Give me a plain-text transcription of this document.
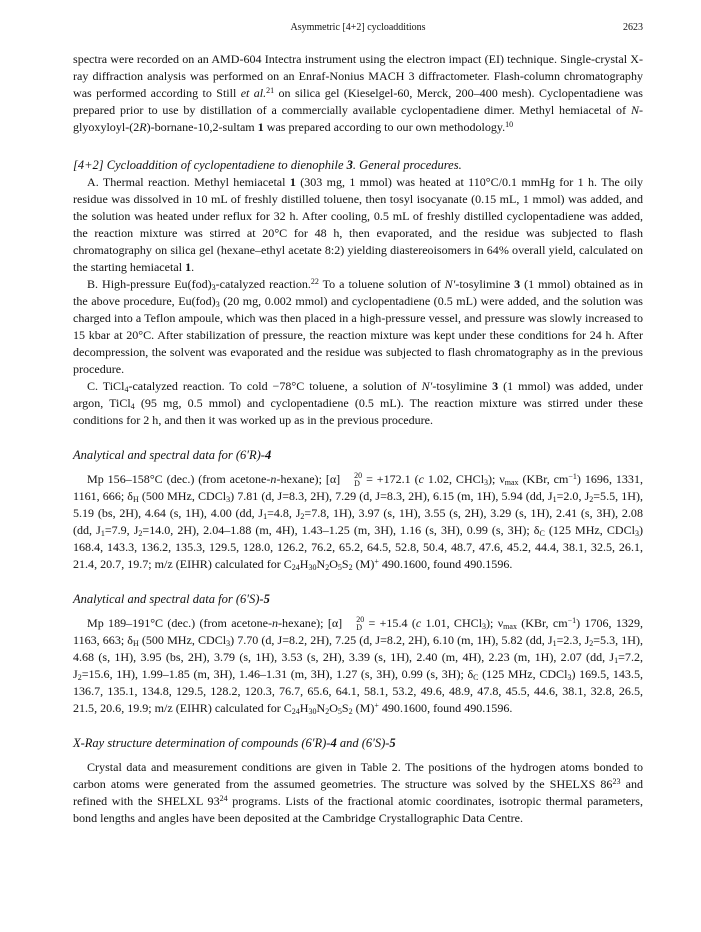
Asymmetric [4+2] cycloadditions	2623

spectra were recorded on an AMD-604 Intectra instrument using the electron impact (EI) technique. Single-crystal X-ray diffraction analysis was performed on an Enraf-Nonius MACH 3 diffractometer. Flash-column chromatography was performed according to Still et al.$^{21}$ on silica gel (Kieselgel-60, Merck, 200–400 mesh). Cyclopentadiene was prepared prior to use by distillation of a commercially available cyclopentadiene dimer. Methyl hemiacetal of N-glyoxyloyl-(2R)-bornane-10,2-sultam 1 was prepared according to our own methodology.$^{10}$

[4+2] Cycloaddition of cyclopentadiene to dienophile 3. General procedures.

A. Thermal reaction. Methyl hemiacetal 1 (303 mg, 1 mmol) was heated at 110°C/0.1 mmHg for 1 h. The oily residue was dissolved in 10 mL of freshly distilled toluene, then tosyl isocyanate (0.15 mL, 1 mmol) was added, and the solution was heated under reflux for 32 h. After cooling, 0.5 mL of freshly distilled cyclopentadiene was added, the reaction mixture was stirred at 20°C for 48 h, then evaporated, and the residue was subjected to flash chromatography on silica gel (hexane–ethyl acetate 8:2) yielding diastereoisomers in 64% overall yield, calculated on the starting hemiacetal 1.

B. High-pressure $Eu(fod)_3$-catalyzed reaction.$^{22}$ To a toluene solution of N′-tosylimine 3 (1 mmol) obtained as in the above procedure, $Eu(fod)_3$ (20 mg, 0.002 mmol) and cyclopentadiene (0.5 mL) were added, and the solution was charged into a Teflon ampoule, which was then placed in a high-pressure vessel, and pressure was slowly increased to 15 kbar at 20°C. After stabilization of pressure, the reaction mixture was kept under these conditions for 24 h. After decompression, the solvent was evaporated and the residue was subjected to flash chromatography as in the previous procedure.

C. TiCl$_4$-catalyzed reaction. To cold −78°C toluene, a solution of N′-tosylimine 3 (1 mmol) was added, under argon, TiCl$_4$ (95 mg, 0.5 mmol) and cyclopentadiene (0.5 mL). The reaction mixture was stirred under these conditions for 2 h, and then it was worked up as in the previous procedure.

Analytical and spectral data for (6′R)-4

Mp 156–158°C (dec.) (from acetone-n-hexane); [α]	20
D = +172.1 (c 1.02, CHCl$_3$); $\nu_{max}$ (KBr, $cm^{-1}$) 1696, 1331, 1161, 666; $\delta_H$ (500 MHz, CDCl$_3$) 7.81 (d, J=8.3, 2H), 7.29 (d, J=8.3, 2H), 6.15 (m, 1H), 5.94 (dd, $J_1=2.0$, $J_2=5.5$, 1H), 5.19 (bs, 2H), 4.64 (s, 1H), 4.00 (dd, $J_1=4.8$, $J_2=7.8$, 1H), 3.97 (s, 1H), 3.55 (s, 2H), 3.29 (s, 1H), 2.41 (s, 3H), 2.08 (dd, $J_1=7.9$, $J_2=14.0$, 2H), 2.04–1.88 (m, 4H), 1.43–1.25 (m, 3H), 1.16 (s, 3H), 0.99 (s, 3H); $\delta_C$ (125 MHz, CDCl$_3$) 168.4, 143.3, 136.2, 135.3, 129.5, 128.0, 126.2, 76.2, 65.2, 64.5, 52.8, 50.4, 48.7, 47.6, 45.2, 44.4, 38.1, 32.5, 26.1, 21.4, 20.7, 19.7; m/z (EIHR) calculated for $C_{24}H_{30}N_2O_5S_2$ (M)+ 490.1600, found 490.1596.

Analytical and spectral data for (6′S)-5

Mp 189–191°C (dec.) (from acetone-n-hexane); [α]	20
D = +15.4 (c 1.01, CHCl$_3$); $\nu_{max}$ (KBr, $cm^{-1}$) 1706, 1329, 1163, 663; $\delta_H$ (500 MHz, CDCl$_3$) 7.70 (d, J=8.2, 2H), 7.25 (d, J=8.2, 2H), 6.10 (m, 1H), 5.82 (dd, $J_1=2.3$, $J_2=5.3$, 1H), 4.68 (s, 1H), 3.95 (bs, 2H), 3.79 (s, 1H), 3.53 (s, 2H), 3.39 (s, 1H), 2.40 (m, 4H), 2.23 (m, 1H), 2.07 (dd, $J_1=7.2$, $J_2=15.6$, 1H), 1.99–1.85 (m, 3H), 1.46–1.31 (m, 3H), 1.27 (s, 3H), 0.99 (s, 3H); $\delta_C$ (125 MHz, CDCl$_3$) 169.5, 143.5, 136.7, 135.1, 134.8, 129.5, 128.2, 120.3, 76.7, 65.6, 64.1, 58.1, 53.2, 49.6, 48.9, 47.8, 45.5, 44.6, 38.1, 32.8, 26.5, 21.5, 20.6, 19.9; m/z (EIHR) calculated for $C_{24}H_{30}N_2O_5S_2$ (M)+ 490.1600, found 490.1596.

X-Ray structure determination of compounds (6′R)-4 and (6′S)-5

Crystal data and measurement conditions are given in Table 2. The positions of the hydrogen atoms bonded to carbon atoms were generated from the assumed geometries. The structure was solved by the SHELXS $86^{23}$ and refined with the SHELXL $93^{24}$ programs. Lists of the fractional atomic coordinates, isotropic thermal parameters, bond lengths and angles have been deposited at the Cambridge Crystallographic Data Centre.
